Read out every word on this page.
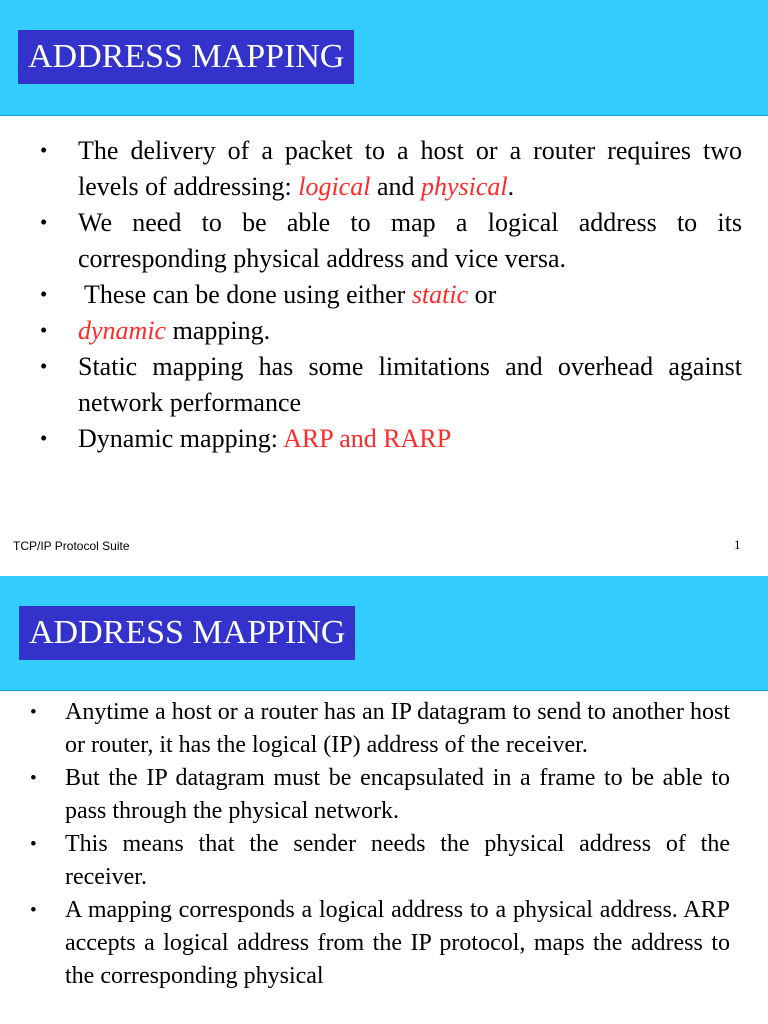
ADDRESS MAPPING
• The delivery of a packet to a host or a router requires two levels of addressing: logical and physical.
• We need to be able to map a logical address to its corresponding physical address and vice versa.
• These can be done using either static or
• dynamic mapping.
• Static mapping has some limitations and overhead against network performance
• Dynamic mapping: ARP and RARP
TCP/IP Protocol Suite	1
ADDRESS MAPPING
• Anytime a host or a router has an IP datagram to send to another host or router, it has the logical (IP) address of the receiver.
• But the IP datagram must be encapsulated in a frame to be able to pass through the physical network.
• This means that the sender needs the physical address of the receiver.
• A mapping corresponds a logical address to a physical address. ARP accepts a logical address from the IP protocol, maps the address to the corresponding physical
